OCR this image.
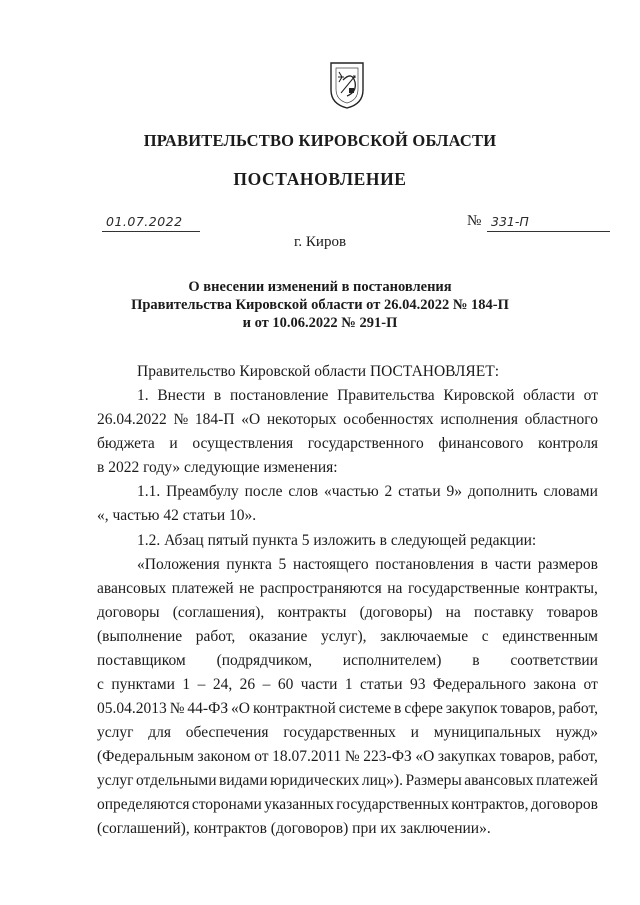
ПРАВИТЕЛЬСТВО КИРОВСКОЙ ОБЛАСТИ
ПОСТАНОВЛЕНИЕ
01.07.2022	№ 331-П
г. Киров
О внесении изменений в постановления
Правительства Кировской области от 26.04.2022 № 184-П
и от 10.06.2022 № 291-П
Правительство Кировской области ПОСТАНОВЛЯЕТ:
1. Внести в постановление Правительства Кировской области от
26.04.2022 № 184-П «О некоторых особенностях исполнения областного
бюджета и осуществления государственного финансового контроля
в 2022 году» следующие изменения:
1.1. Преамбулу после слов «частью 2 статьи 9» дополнить словами
«, частью 42 статьи 10».
1.2. Абзац пятый пункта 5 изложить в следующей редакции:
«Положения пункта 5 настоящего постановления в части размеров
авансовых платежей не распространяются на государственные контракты,
договоры (соглашения), контракты (договоры) на поставку товаров
(выполнение работ, оказание услуг), заключаемые с единственным
поставщиком (подрядчиком, исполнителем) в соответствии
с пунктами 1 – 24, 26 – 60 части 1 статьи 93 Федерального закона от
05.04.2013 № 44-ФЗ «О контрактной системе в сфере закупок товаров, работ,
услуг для обеспечения государственных и муниципальных нужд»
(Федеральным законом от 18.07.2011 № 223-ФЗ «О закупках товаров, работ,
услуг отдельными видами юридических лиц»). Размеры авансовых платежей
определяются сторонами указанных государственных контрактов, договоров
(соглашений), контрактов (договоров) при их заключении».
